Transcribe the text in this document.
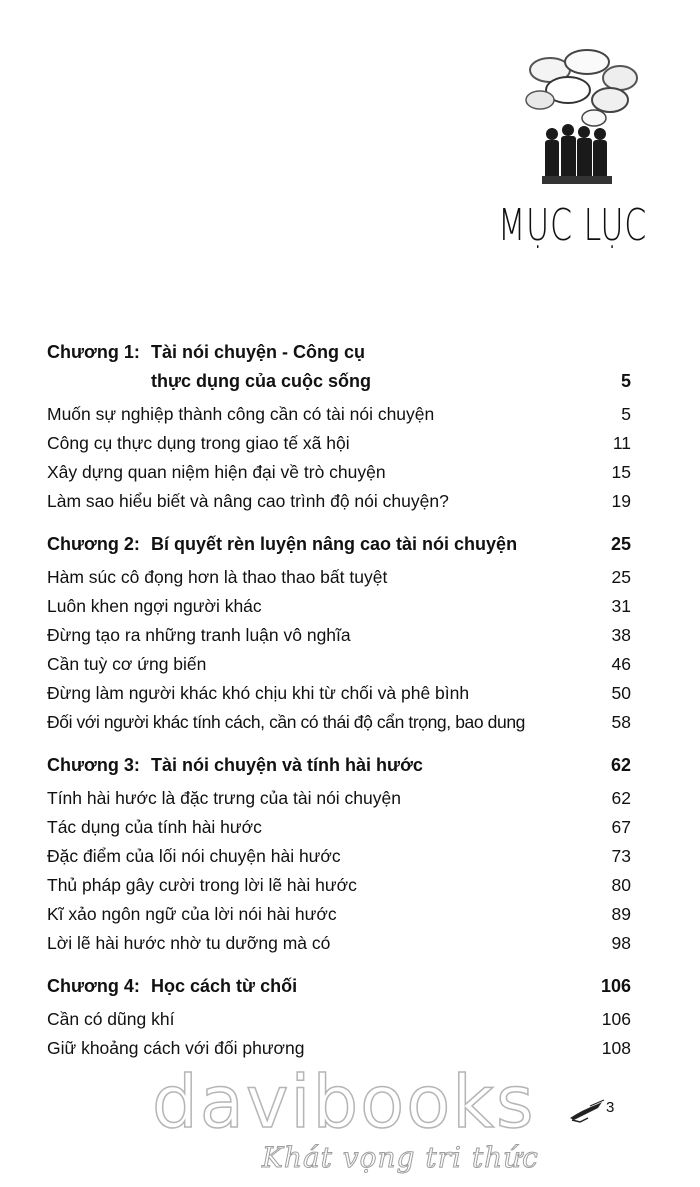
MỤC LỤC
Chương 1: Tài nói chuyện - Công cụ
thực dụng của cuộc sống	5
Muốn sự nghiệp thành công cần có tài nói chuyện	5
Công cụ thực dụng trong giao tế xã hội	11
Xây dựng quan niệm hiện đại về trò chuyện	15
Làm sao hiểu biết và nâng cao trình độ nói chuyện?	19
Chương 2: Bí quyết rèn luyện nâng cao tài nói chuyện	25
Hàm súc cô đọng hơn là thao thao bất tuyệt	25
Luôn khen ngợi người khác	31
Đừng tạo ra những tranh luận vô nghĩa	38
Cần tuỳ cơ ứng biến	46
Đừng làm người khác khó chịu khi từ chối và phê bình	50
Đối với người khác tính cách, cần có thái độ cẩn trọng, bao dung	58
Chương 3: Tài nói chuyện và tính hài hước	62
Tính hài hước là đặc trưng của tài nói chuyện	62
Tác dụng của tính hài hước	67
Đặc điểm của lối nói chuyện hài hước	73
Thủ pháp gây cười trong lời lẽ hài hước	80
Kĩ xảo ngôn ngữ của lời nói hài hước	89
Lời lẽ hài hước nhờ tu dưỡng mà có	98
Chương 4: Học cách từ chối	106
Cần có dũng khí	106
Giữ khoảng cách với đối phương	108
davibooks
Khát vọng tri thức
3
